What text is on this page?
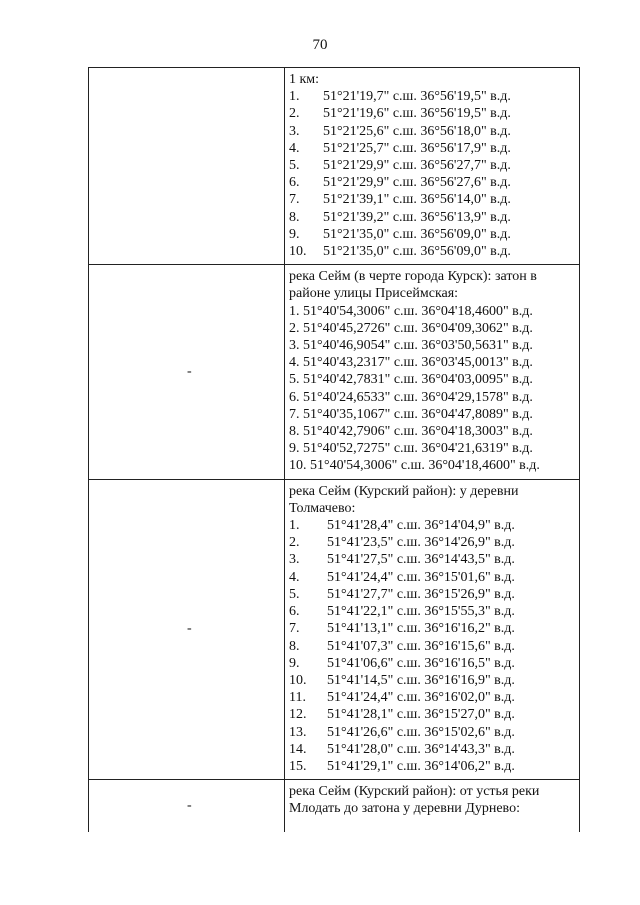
70
1 км:
1.	51°21'19,7" с.ш. 36°56'19,5" в.д.
2.	51°21'19,6" с.ш. 36°56'19,5" в.д.
3.	51°21'25,6" с.ш. 36°56'18,0" в.д.
4.	51°21'25,7" с.ш. 36°56'17,9" в.д.
5.	51°21'29,9" с.ш. 36°56'27,7" в.д.
6.	51°21'29,9" с.ш. 36°56'27,6" в.д.
7.	51°21'39,1" с.ш. 36°56'14,0" в.д.
8.	51°21'39,2" с.ш. 36°56'13,9" в.д.
9.	51°21'35,0" с.ш. 36°56'09,0" в.д.
10.	51°21'35,0" с.ш. 36°56'09,0" в.д.
-
река Сейм (в черте города Курск): затон в
районе улицы Присеймская:
1. 51°40'54,3006" с.ш. 36°04'18,4600" в.д.
2. 51°40'45,2726" с.ш. 36°04'09,3062" в.д.
3. 51°40'46,9054" с.ш. 36°03'50,5631" в.д.
4. 51°40'43,2317" с.ш. 36°03'45,0013" в.д.
5. 51°40'42,7831" с.ш. 36°04'03,0095" в.д.
6. 51°40'24,6533" с.ш. 36°04'29,1578" в.д.
7. 51°40'35,1067" с.ш. 36°04'47,8089" в.д.
8. 51°40'42,7906" с.ш. 36°04'18,3003" в.д.
9. 51°40'52,7275" с.ш. 36°04'21,6319" в.д.
10. 51°40'54,3006" с.ш. 36°04'18,4600" в.д.
-
река Сейм (Курский район): у деревни
Толмачево:
1.	51°41'28,4" с.ш. 36°14'04,9" в.д.
2.	51°41'23,5" с.ш. 36°14'26,9" в.д.
3.	51°41'27,5" с.ш. 36°14'43,5" в.д.
4.	51°41'24,4" с.ш. 36°15'01,6" в.д.
5.	51°41'27,7" с.ш. 36°15'26,9" в.д.
6.	51°41'22,1" с.ш. 36°15'55,3" в.д.
7.	51°41'13,1" с.ш. 36°16'16,2" в.д.
8.	51°41'07,3" с.ш. 36°16'15,6" в.д.
9.	51°41'06,6" с.ш. 36°16'16,5" в.д.
10.	51°41'14,5" с.ш. 36°16'16,9" в.д.
11.	51°41'24,4" с.ш. 36°16'02,0" в.д.
12.	51°41'28,1" с.ш. 36°15'27,0" в.д.
13.	51°41'26,6" с.ш. 36°15'02,6" в.д.
14.	51°41'28,0" с.ш. 36°14'43,3" в.д.
15.	51°41'29,1" с.ш. 36°14'06,2" в.д.
-
река Сейм (Курский район): от устья реки
Млодать до затона у деревни Дурнево:
